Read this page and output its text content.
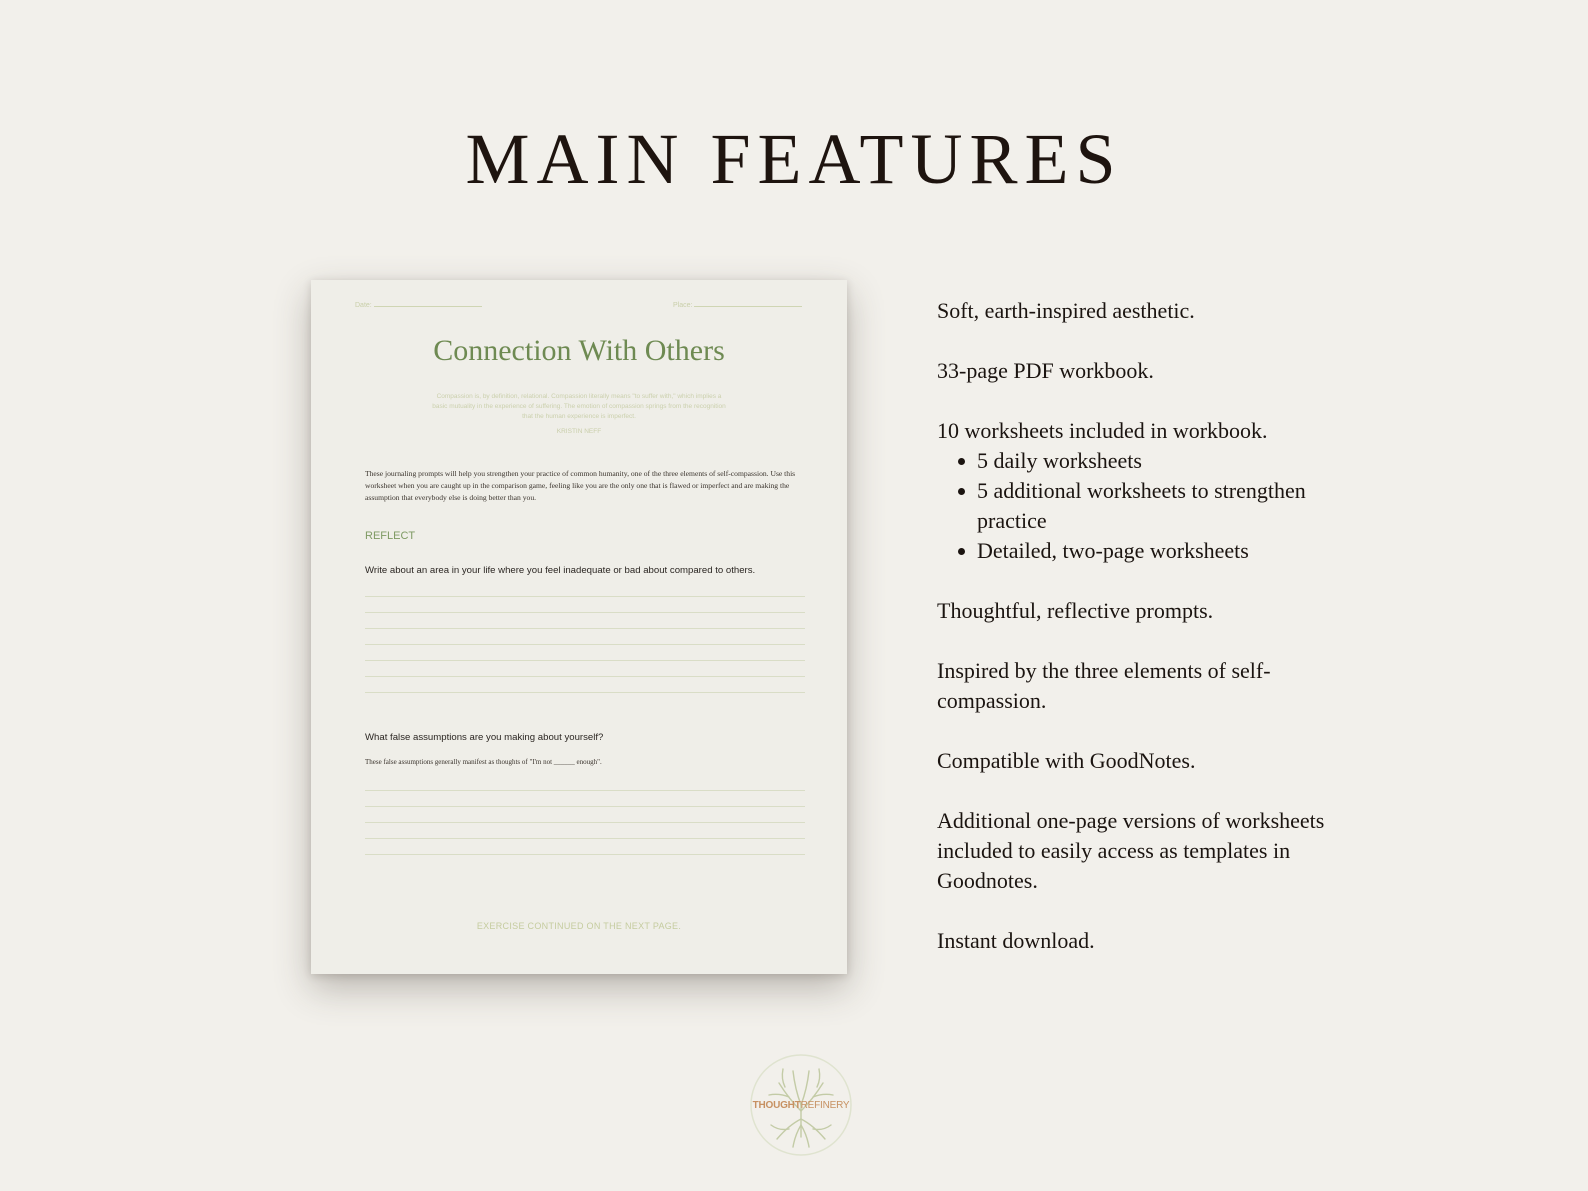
MAIN FEATURES
Date:	Place:
Connection With Others
Compassion is, by definition, relational. Compassion literally means "to suffer with," which implies a basic mutuality in the experience of suffering. The emotion of compassion springs from the recognition that the human experience is imperfect.
KRISTIN NEFF
These journaling prompts will help you strengthen your practice of common humanity, one of the three elements of self-compassion. Use this worksheet when you are caught up in the comparison game, feeling like you are the only one that is flawed or imperfect and are making the assumption that everybody else is doing better than you.
REFLECT
Write about an area in your life where you feel inadequate or bad about compared to others.
What false assumptions are you making about yourself?
These false assumptions generally manifest as thoughts of "I'm not ______ enough".
EXERCISE CONTINUED ON THE NEXT PAGE.

Soft, earth-inspired aesthetic.

33-page PDF workbook.

10 worksheets included in workbook.

5 daily worksheets
5 additional worksheets to strengthen practice
Detailed, two-page worksheets

Thoughtful, reflective prompts.

Inspired by the three elements of self-compassion.

Compatible with GoodNotes.

Additional one-page versions of worksheets included to easily access as templates in Goodnotes.

Instant download.

THOUGHTREFINERY
